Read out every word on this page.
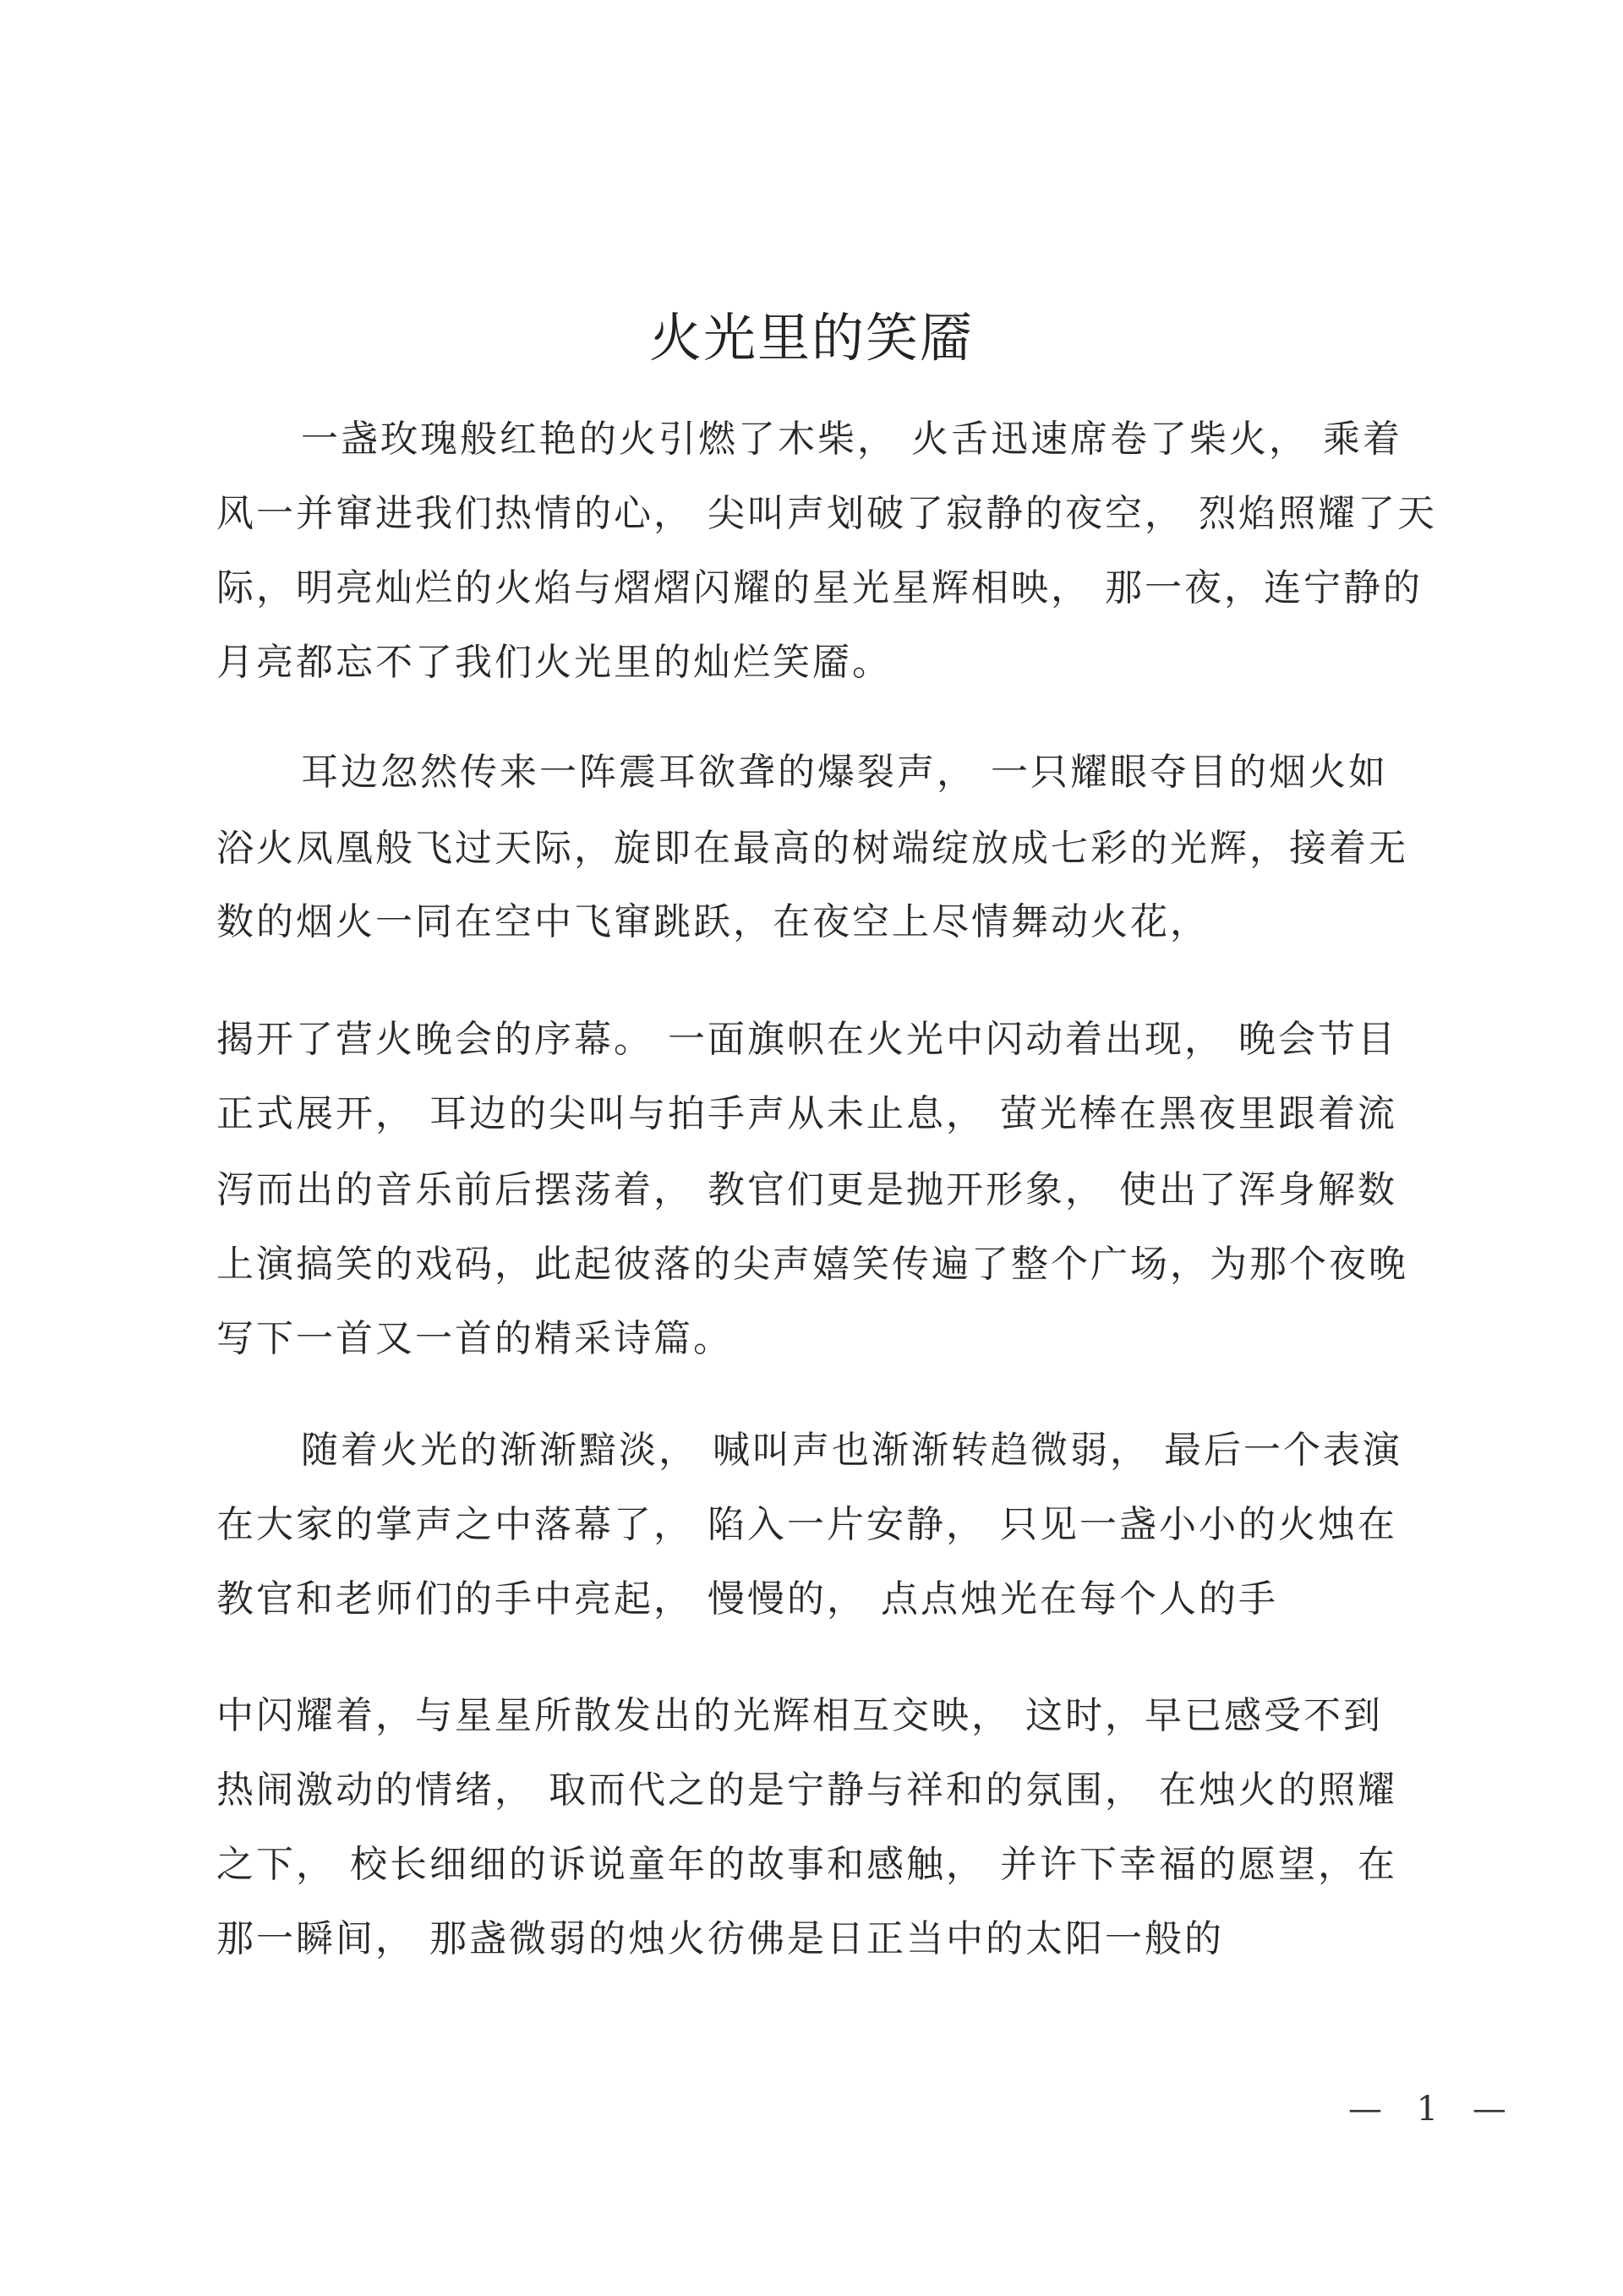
火光里的笑靥
一盏玫瑰般红艳的火引燃了木柴， 火舌迅速席卷了柴火， 乘着
风一并窜进我们热情的心， 尖叫声划破了寂静的夜空， 烈焰照耀了天
际，明亮灿烂的火焰与熠熠闪耀的星光星辉相映， 那一夜，连宁静的
月亮都忘不了我们火光里的灿烂笑靥。
耳边忽然传来一阵震耳欲聋的爆裂声， 一只耀眼夺目的烟火如
浴火凤凰般飞过天际，旋即在最高的树端绽放成七彩的光辉，接着无
数的烟火一同在空中飞窜跳跃，在夜空上尽情舞动火花，
揭开了营火晚会的序幕。 一面旗帜在火光中闪动着出现， 晚会节目
正式展开， 耳边的尖叫与拍手声从未止息， 萤光棒在黑夜里跟着流
泻而出的音乐前后摆荡着， 教官们更是抛开形象， 使出了浑身解数
上演搞笑的戏码，此起彼落的尖声嬉笑传遍了整个广场，为那个夜晚
写下一首又一首的精采诗篇。
随着火光的渐渐黯淡， 喊叫声也渐渐转趋微弱， 最后一个表演
在大家的掌声之中落幕了， 陷入一片安静， 只见一盏小小的火烛在
教官和老师们的手中亮起， 慢慢的， 点点烛光在每个人的手
中闪耀着，与星星所散发出的光辉相互交映， 这时，早已感受不到
热闹激动的情绪， 取而代之的是宁静与祥和的氛围， 在烛火的照耀
之下， 校长细细的诉说童年的故事和感触， 并许下幸福的愿望，在
那一瞬间， 那盏微弱的烛火彷佛是日正当中的太阳一般的
— 1 —
